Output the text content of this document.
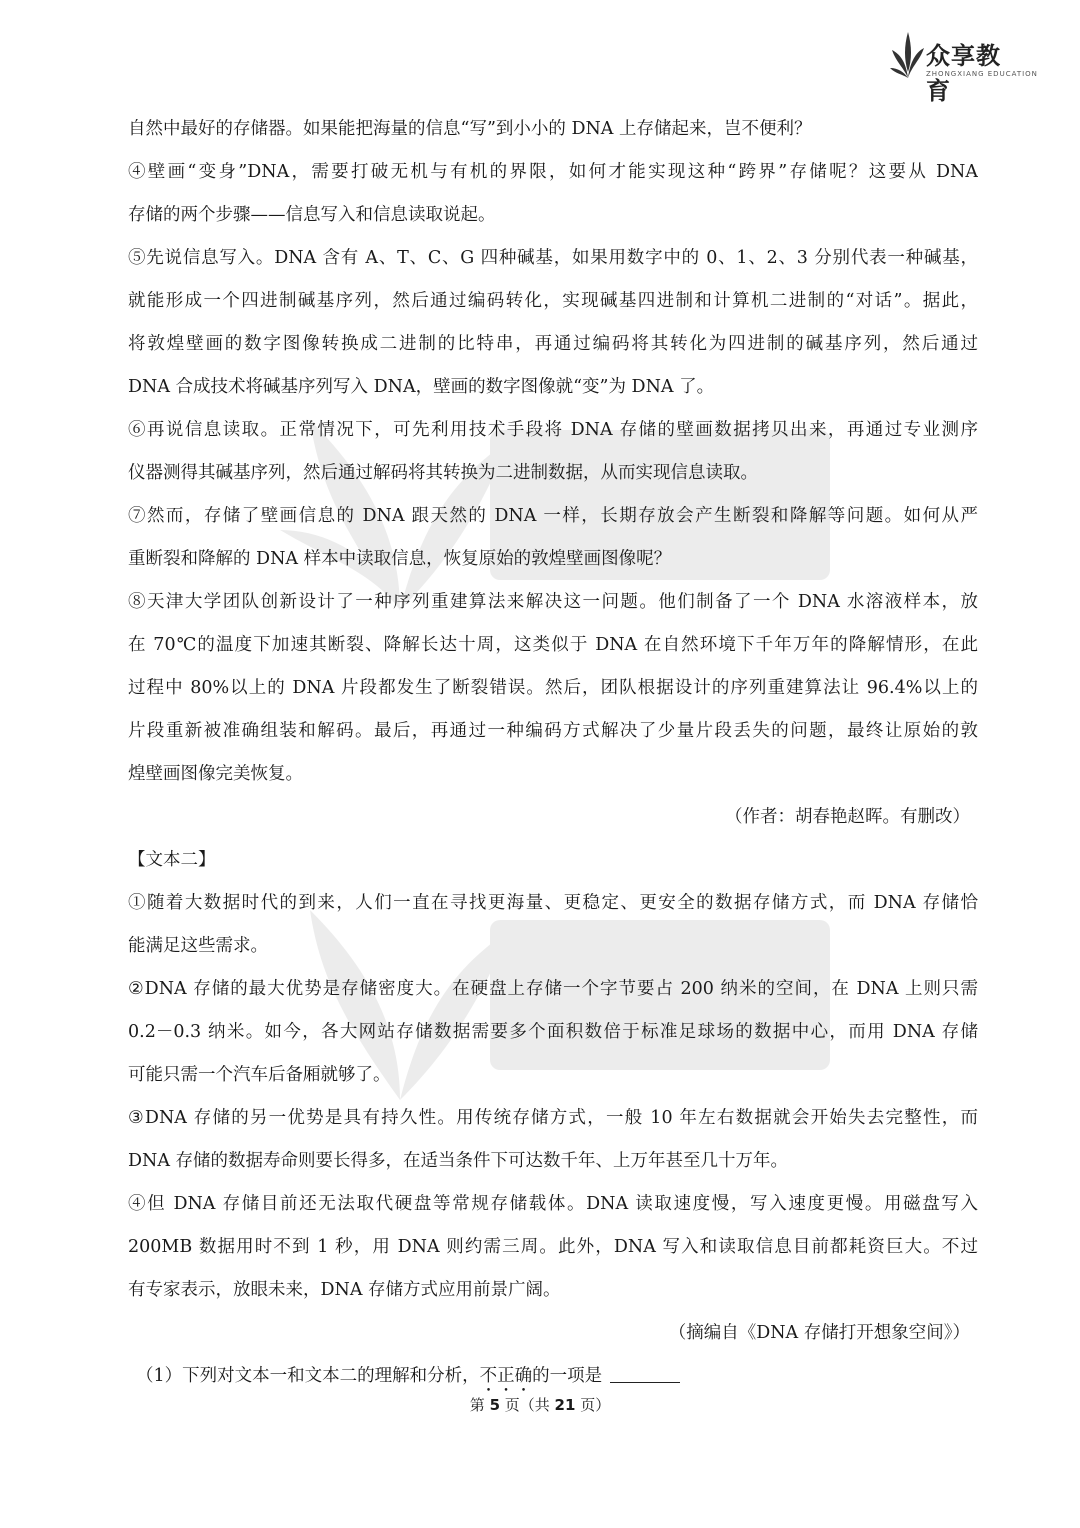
众享教育
ZHONGXIANG EDUCATION
自然中最好的存储器。如果能把海量的信息“写”到小小的 DNA 上存储起来，岂不便利？
④壁画“变身”DNA，需要打破无机与有机的界限，如何才能实现这种“跨界”存储呢？这要从 DNA
存储的两个步骤——信息写入和信息读取说起。
⑤先说信息写入。DNA 含有 A、T、C、G 四种碱基，如果用数字中的 0、1、2、3 分别代表一种碱基，
就能形成一个四进制碱基序列，然后通过编码转化，实现碱基四进制和计算机二进制的“对话”。据此，
将敦煌壁画的数字图像转换成二进制的比特串，再通过编码将其转化为四进制的碱基序列，然后通过
DNA 合成技术将碱基序列写入 DNA，壁画的数字图像就“变”为 DNA 了。
⑥再说信息读取。正常情况下，可先利用技术手段将 DNA 存储的壁画数据拷贝出来，再通过专业测序
仪器测得其碱基序列，然后通过解码将其转换为二进制数据，从而实现信息读取。
⑦然而，存储了壁画信息的 DNA 跟天然的 DNA 一样，长期存放会产生断裂和降解等问题。如何从严
重断裂和降解的 DNA 样本中读取信息，恢复原始的敦煌壁画图像呢？
⑧天津大学团队创新设计了一种序列重建算法来解决这一问题。他们制备了一个 DNA 水溶液样本，放
在 70℃的温度下加速其断裂、降解长达十周，这类似于 DNA 在自然环境下千年万年的降解情形，在此
过程中 80%以上的 DNA 片段都发生了断裂错误。然后，团队根据设计的序列重建算法让 96.4%以上的
片段重新被准确组装和解码。最后，再通过一种编码方式解决了少量片段丢失的问题，最终让原始的敦
煌壁画图像完美恢复。
（作者：胡春艳赵晖。有删改）
【文本二】
①随着大数据时代的到来，人们一直在寻找更海量、更稳定、更安全的数据存储方式，而 DNA 存储恰
能满足这些需求。
②DNA 存储的最大优势是存储密度大。在硬盘上存储一个字节要占 200 纳米的空间，在 DNA 上则只需
0.2－0.3 纳米。如今，各大网站存储数据需要多个面积数倍于标准足球场的数据中心，而用 DNA 存储
可能只需一个汽车后备厢就够了。
③DNA 存储的另一优势是具有持久性。用传统存储方式，一般 10 年左右数据就会开始失去完整性，而
DNA 存储的数据寿命则要长得多，在适当条件下可达数千年、上万年甚至几十万年。
④但 DNA 存储目前还无法取代硬盘等常规存储载体。DNA 读取速度慢，写入速度更慢。用磁盘写入
200MB 数据用时不到 1 秒，用 DNA 则约需三周。此外，DNA 写入和读取信息目前都耗资巨大。不过
有专家表示，放眼未来，DNA 存储方式应用前景广阔。
（摘编自《DNA 存储打开想象空间》）
（1）下列对文本一和文本二的理解和分析，不正确的一项是
第 5 页（共 21 页）
